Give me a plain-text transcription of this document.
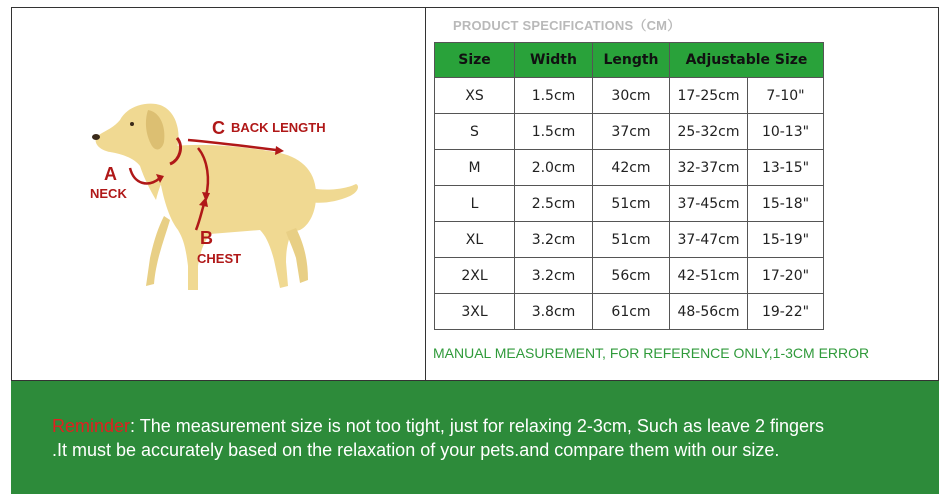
C BACK LENGTH
A
NECK
B
CHEST
PRODUCT SPECIFICATIONS（CM）
Size	Width	Length	Adjustable Size	
XS	1.5cm	30cm	17-25cm	7-10"
S	1.5cm	37cm	25-32cm	10-13"
M	2.0cm	42cm	32-37cm	13-15"
L	2.5cm	51cm	37-45cm	15-18"
XL	3.2cm	51cm	37-47cm	15-19"
2XL	3.2cm	56cm	42-51cm	17-20"
3XL	3.8cm	61cm	48-56cm	19-22"
MANUAL MEASUREMENT, FOR REFERENCE ONLY,1-3CM ERROR
Reminder: The measurement size is not too tight, just for relaxing 2-3cm, Such as leave 2 fingers
.It must be accurately based on the relaxation of your pets.and compare them with our size.
